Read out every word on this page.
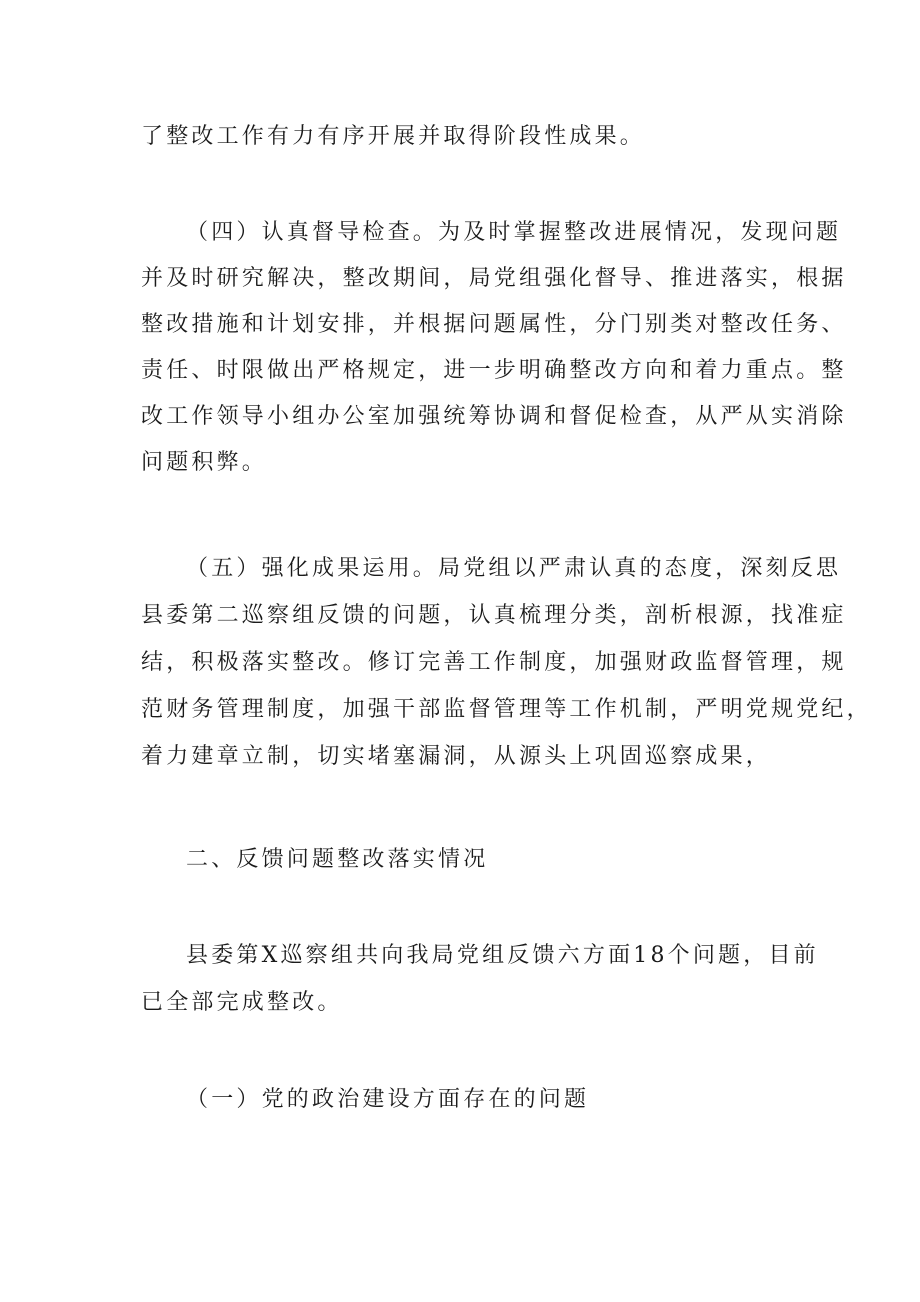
了整改工作有力有序开展并取得阶段性成果。

（四）认真督导检查。为及时掌握整改进展情况，发现问题

并及时研究解决，整改期间，局党组强化督导、推进落实，根据

整改措施和计划安排，并根据问题属性，分门别类对整改任务、

责任、时限做出严格规定，进一步明确整改方向和着力重点。整

改工作领导小组办公室加强统筹协调和督促检查，从严从实消除

问题积弊。

（五）强化成果运用。局党组以严肃认真的态度，深刻反思

县委第二巡察组反馈的问题，认真梳理分类，剖析根源，找准症

结，积极落实整改。修订完善工作制度，加强财政监督管理，规

范财务管理制度，加强干部监督管理等工作机制，严明党规党纪，

着力建章立制，切实堵塞漏洞，从源头上巩固巡察成果，

二、反馈问题整改落实情况

县委第X巡察组共向我局党组反馈六方面18个问题，目前

已全部完成整改。

（一）党的政治建设方面存在的问题
